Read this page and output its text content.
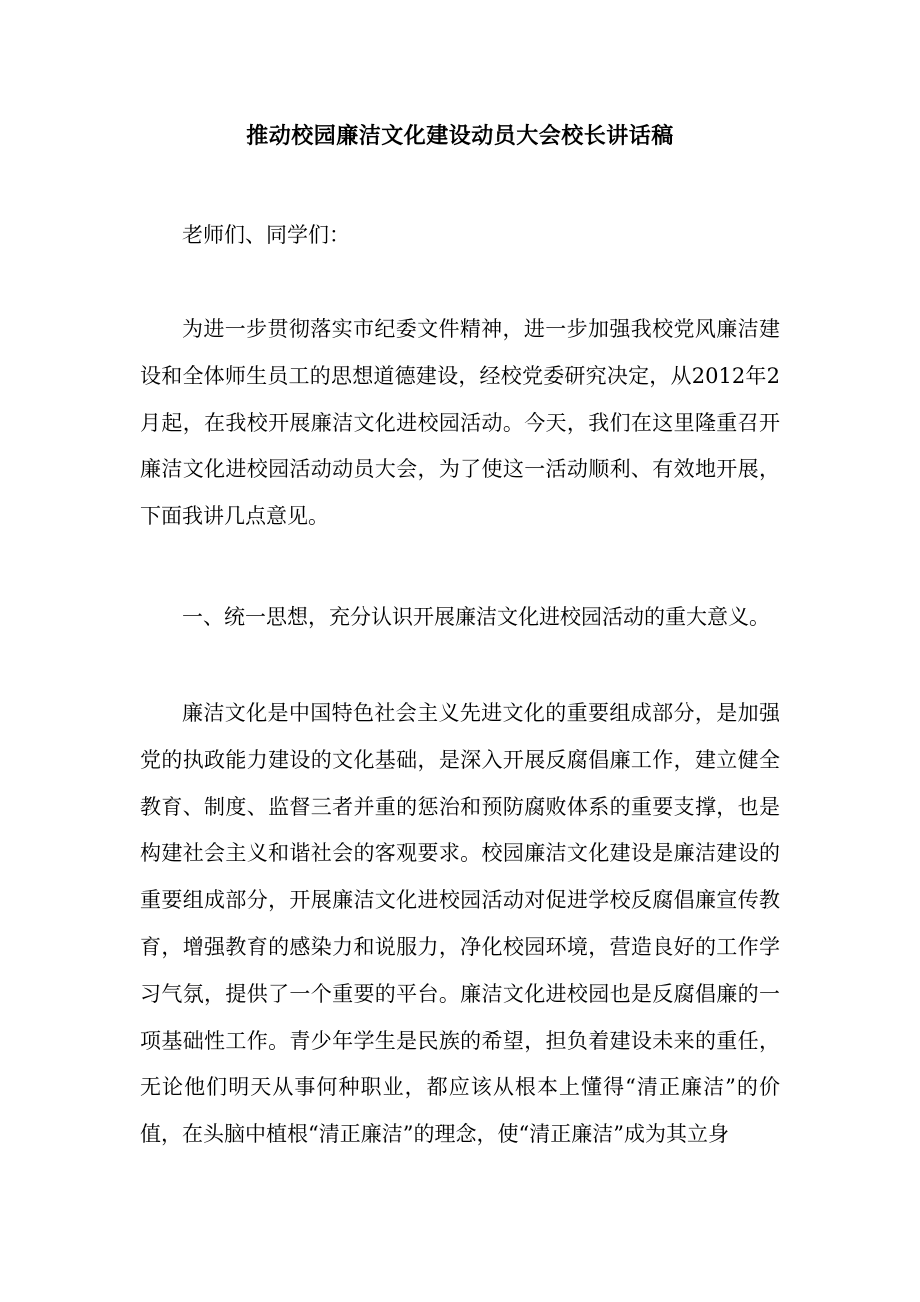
推动校园廉洁文化建设动员大会校长讲话稿

老师们、同学们：

为进一步贯彻落实市纪委文件精神，进一步加强我校党风廉洁建设和全体师生员工的思想道德建设，经校党委研究决定，从2012年2月起，在我校开展廉洁文化进校园活动。今天，我们在这里隆重召开廉洁文化进校园活动动员大会，为了使这一活动顺利、有效地开展，下面我讲几点意见。

一、统一思想，充分认识开展廉洁文化进校园活动的重大意义。

廉洁文化是中国特色社会主义先进文化的重要组成部分，是加强党的执政能力建设的文化基础，是深入开展反腐倡廉工作，建立健全教育、制度、监督三者并重的惩治和预防腐败体系的重要支撑，也是构建社会主义和谐社会的客观要求。校园廉洁文化建设是廉洁建设的重要组成部分，开展廉洁文化进校园活动对促进学校反腐倡廉宣传教育，增强教育的感染力和说服力，净化校园环境，营造良好的工作学习气氛，提供了一个重要的平台。廉洁文化进校园也是反腐倡廉的一项基础性工作。青少年学生是民族的希望，担负着建设未来的重任，无论他们明天从事何种职业，都应该从根本上懂得“清正廉洁”的价值，在头脑中植根“清正廉洁”的理念，使“清正廉洁”成为其立身
